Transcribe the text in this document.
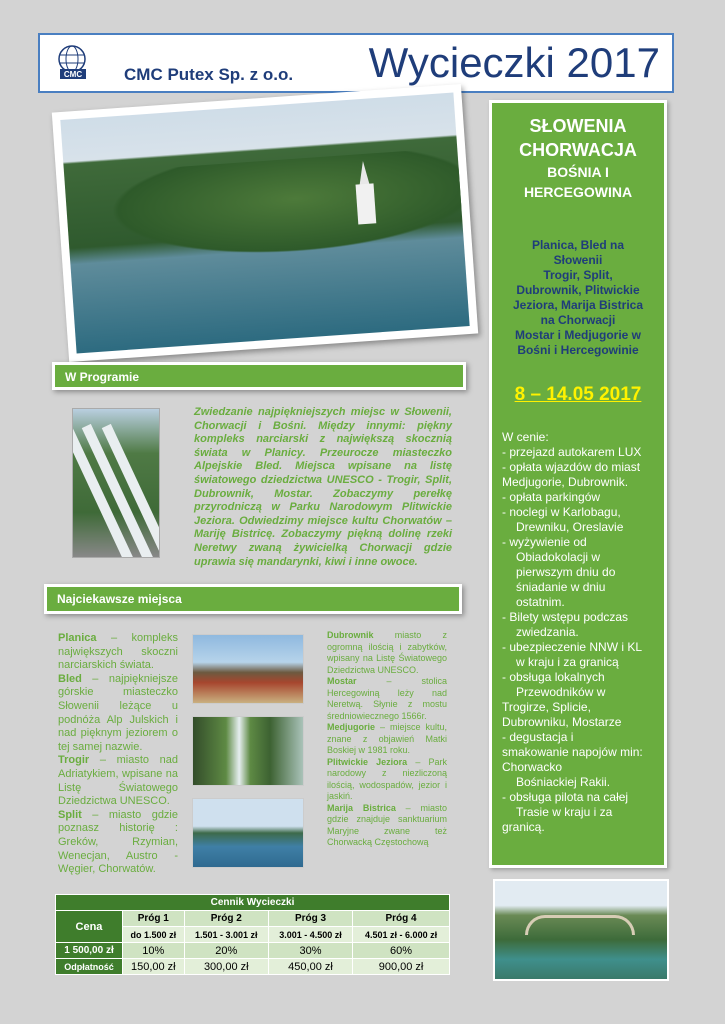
CMC CMC Putex Sp. z o.o. Wycieczki 2017
SŁOWENIA
CHORWACJA
BOŚNIA I
HERCEGOWINA
Planica, Bled na
Słowenii
Trogir, Split,
Dubrownik, Plitwickie
Jeziora, Marija Bistrica
na Chorwacji
Mostar i Medjugorie w
Bośni i Hercegowinie
8 – 14.05 2017
W cenie:
- przejazd autokarem LUX
- opłata wjazdów do miast Medjugorie, Dubrownik.
- opłata parkingów
- noclegi w Karlobagu,
Drewniku, Oreslavie
- wyżywienie od
Obiadokolacji w
pierwszym dniu do
śniadanie w dniu
ostatnim.
- Bilety wstępu podczas
zwiedzania.
- ubezpieczenie NNW i KL
w kraju i za granicą
- obsługa lokalnych
Przewodników w
Trogirze, Splicie,
Dubrowniku, Mostarze
- degustacja i
smakowanie napojów min:
Chorwacko
Bośniackiej Rakii.
- obsługa pilota na całej
Trasie w kraju i za
granicą.
W Programie
Zwiedzanie najpiękniejszych miejsc w Słowenii, Chorwacji i Bośni. Między innymi: piękny kompleks narciarski z największą skocznią świata w Planicy. Przeurocze miasteczko Alpejskie Bled. Miejsca wpisane na listę światowego dziedzictwa UNESCO - Trogir, Split, Dubrownik, Mostar. Zobaczymy perełkę przyrodniczą w Parku Narodowym Plitwickie Jeziora. Odwiedzimy miejsce kultu Chorwatów – Mariję Bistricę. Zobaczymy piękną dolinę rzeki Neretwy zwaną żywicielką Chorwacji gdzie uprawia się mandarynki, kiwi i inne owoce.
Najciekawsze miejsca
Planica – kompleks największych skoczni narciarskich świata.
Bled – najpiękniejsze górskie miasteczko Słowenii leżące u podnóża Alp Julskich i nad pięknym jeziorem o tej samej nazwie.
Trogir – miasto nad Adriatykiem, wpisane na Listę Światowego Dziedzictwa UNESCO.
Split – miasto gdzie poznasz historię : Greków, Rzymian, Wenecjan, Austro - Węgier, Chorwatów.
Dubrownik miasto z ogromną ilością i zabytków, wpisany na Listę Światowego Dziedzictwa UNESCO.
Mostar – stolica Hercegowiną leży nad Neretwą. Słynie z mostu średniowiecznego 1566r.
Medjugorie – miejsce kultu, znane z objawień Matki Boskiej w 1981 roku.
Plitwickie Jeziora – Park narodowy z niezliczoną ilością, wodospadów, jezior i jaskiń.
Marija Bistrica – miasto gdzie znajduje sanktuarium Maryjne zwane też Chorwacką Częstochową
Cennik Wycieczki				
Cena	Próg 1	Próg 2	Próg 3	Próg 4
	do 1.500 zł	1.501 - 3.001 zł	3.001 - 4.500 zł	4.501 zł - 6.000 zł
1 500,00 zł	10%	20%	30%	60%
Odpłatność	150,00 zł	300,00 zł	450,00 zł	900,00 zł
